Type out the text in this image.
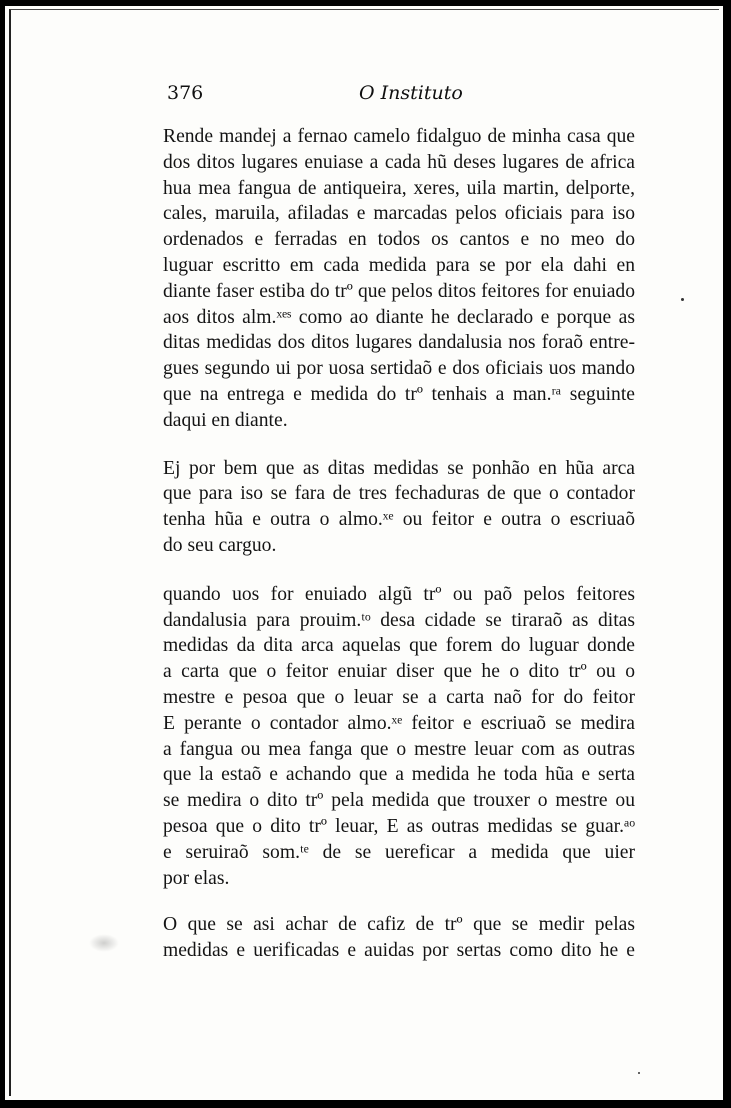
376	O Instituto

Rende mandej a fernao camelo fidalguo de minha casa que
dos ditos lugares enuiase a cada hũ deses lugares de africa
hua mea fangua de antiqueira, xeres, uila martin, delporte,
cales, maruila, afiladas e marcadas pelos oficiais para iso
ordenados e ferradas en todos os cantos e no meo do
luguar escritto em cada medida para se por ela dahi en
diante faser estiba do trº que pelos ditos feitores for enuiado
aos ditos alm.ˣᵉˢ como ao diante he declarado e porque as
ditas medidas dos ditos lugares dandalusia nos foraõ entre-
gues segundo ui por uosa sertidaõ e dos oficiais uos mando
que na entrega e medida do trº tenhais a man.ʳᵃ seguinte
daqui en diante.

Ej por bem que as ditas medidas se ponhão en hũa arca
que para iso se fara de tres fechaduras de que o contador
tenha hũa e outra o almo.ˣᵉ ou feitor e outra o escriuaõ
do seu carguo.

quando uos for enuiado algũ trº ou paõ pelos feitores
dandalusia para prouim.ᵗᵒ desa cidade se tiraraõ as ditas
medidas da dita arca aquelas que forem do luguar donde
a carta que o feitor enuiar diser que he o dito trº ou o
mestre e pesoa que o leuar se a carta naõ for do feitor
E perante o contador almo.ˣᵉ feitor e escriuaõ se medira
a fangua ou mea fanga que o mestre leuar com as outras
que la estaõ e achando que a medida he toda hũa e serta
se medira o dito trº pela medida que trouxer o mestre ou
pesoa que o dito trº leuar, E as outras medidas se guar.ᵃᵒ
e seruiraõ som.ᵗᵉ de se uereficar a medida que uier
por elas.

O que se asi achar de cafiz de trº que se medir pelas
medidas e uerificadas e auidas por sertas como dito he e
